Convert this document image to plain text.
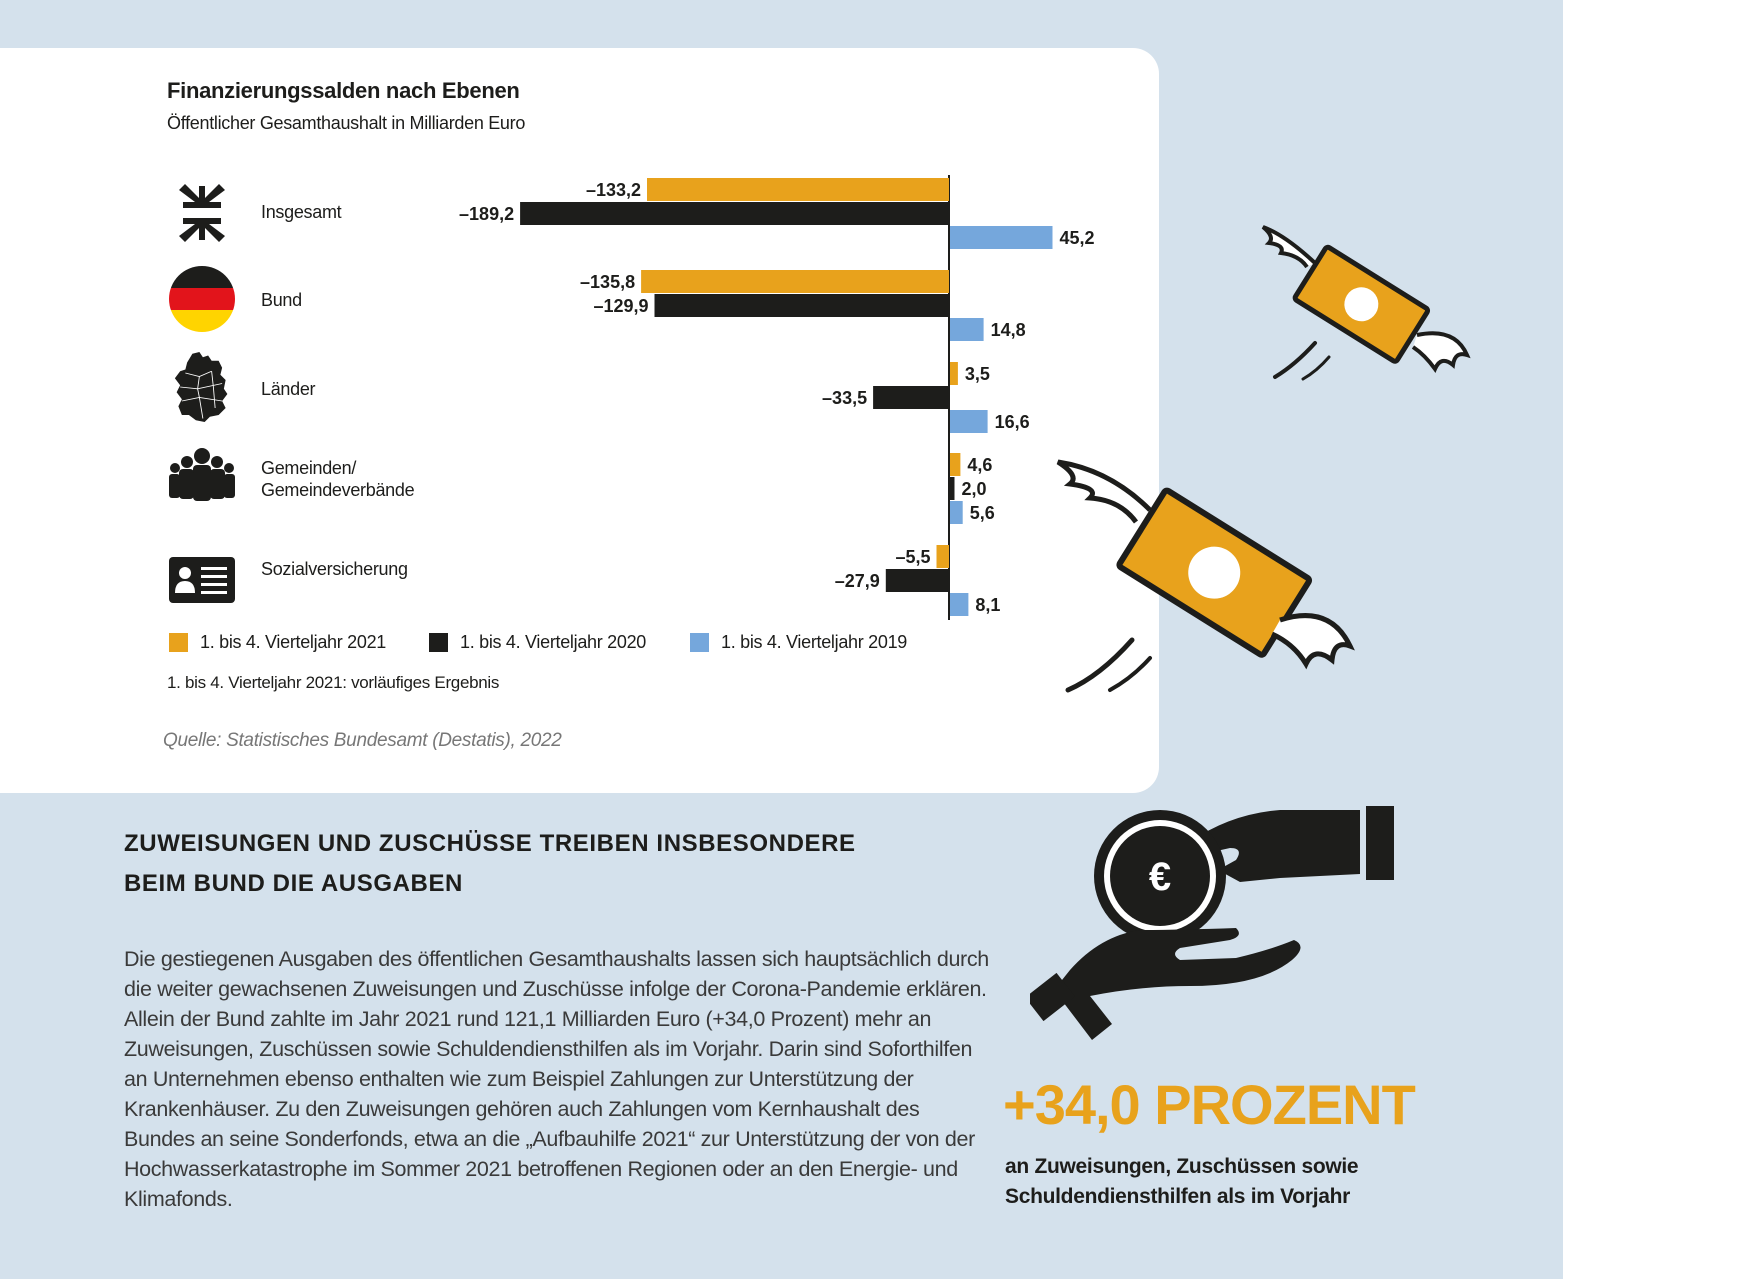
Finanzierungssalden nach Ebenen
Öffentlicher Gesamthaushalt in Milliarden Euro
Insgesamt
Bund
Länder
Gemeinden/
Gemeindeverbände
Sozialversicherung
–133,2
–135,8
3,5
4,6
–5,5
–189,2
–129,9
–33,5
2,0
–27,9
45,2
14,8
16,6
5,6
8,1
1. bis 4. Vierteljahr 2021	1. bis 4. Vierteljahr 2020	1. bis 4. Vierteljahr 2019
1. bis 4. Vierteljahr 2021: vorläufiges Ergebnis
Quelle: Statistisches Bundesamt (Destatis), 2022
ZUWEISUNGEN UND ZUSCHÜSSE TREIBEN INSBESONDERE BEIM BUND DIE AUSGABEN
Die gestiegenen Ausgaben des öffentlichen Gesamthaushalts lassen sich hauptsächlich durch die weiter gewachsenen Zuweisungen und Zuschüsse infolge der Corona-Pandemie erklären. Allein der Bund zahlte im Jahr 2021 rund 121,1 Milliarden Euro (+34,0 Prozent) mehr an Zuweisungen, Zuschüssen sowie Schuldendiensthilfen als im Vorjahr. Darin sind Soforthilfen an Unternehmen ebenso enthalten wie zum Beispiel Zahlungen zur Unterstützung der Krankenhäuser. Zu den Zuweisungen gehören auch Zahlungen vom Kernhaushalt des Bundes an seine Sonderfonds, etwa an die „Aufbauhilfe 2021“ zur Unterstützung der von der Hochwasserkatastrophe im Sommer 2021 betroffenen Regionen oder an den Energie- und Klimafonds.
+34,0 PROZENT
an Zuweisungen, Zuschüssen sowie Schuldendiensthilfen als im Vorjahr
€
